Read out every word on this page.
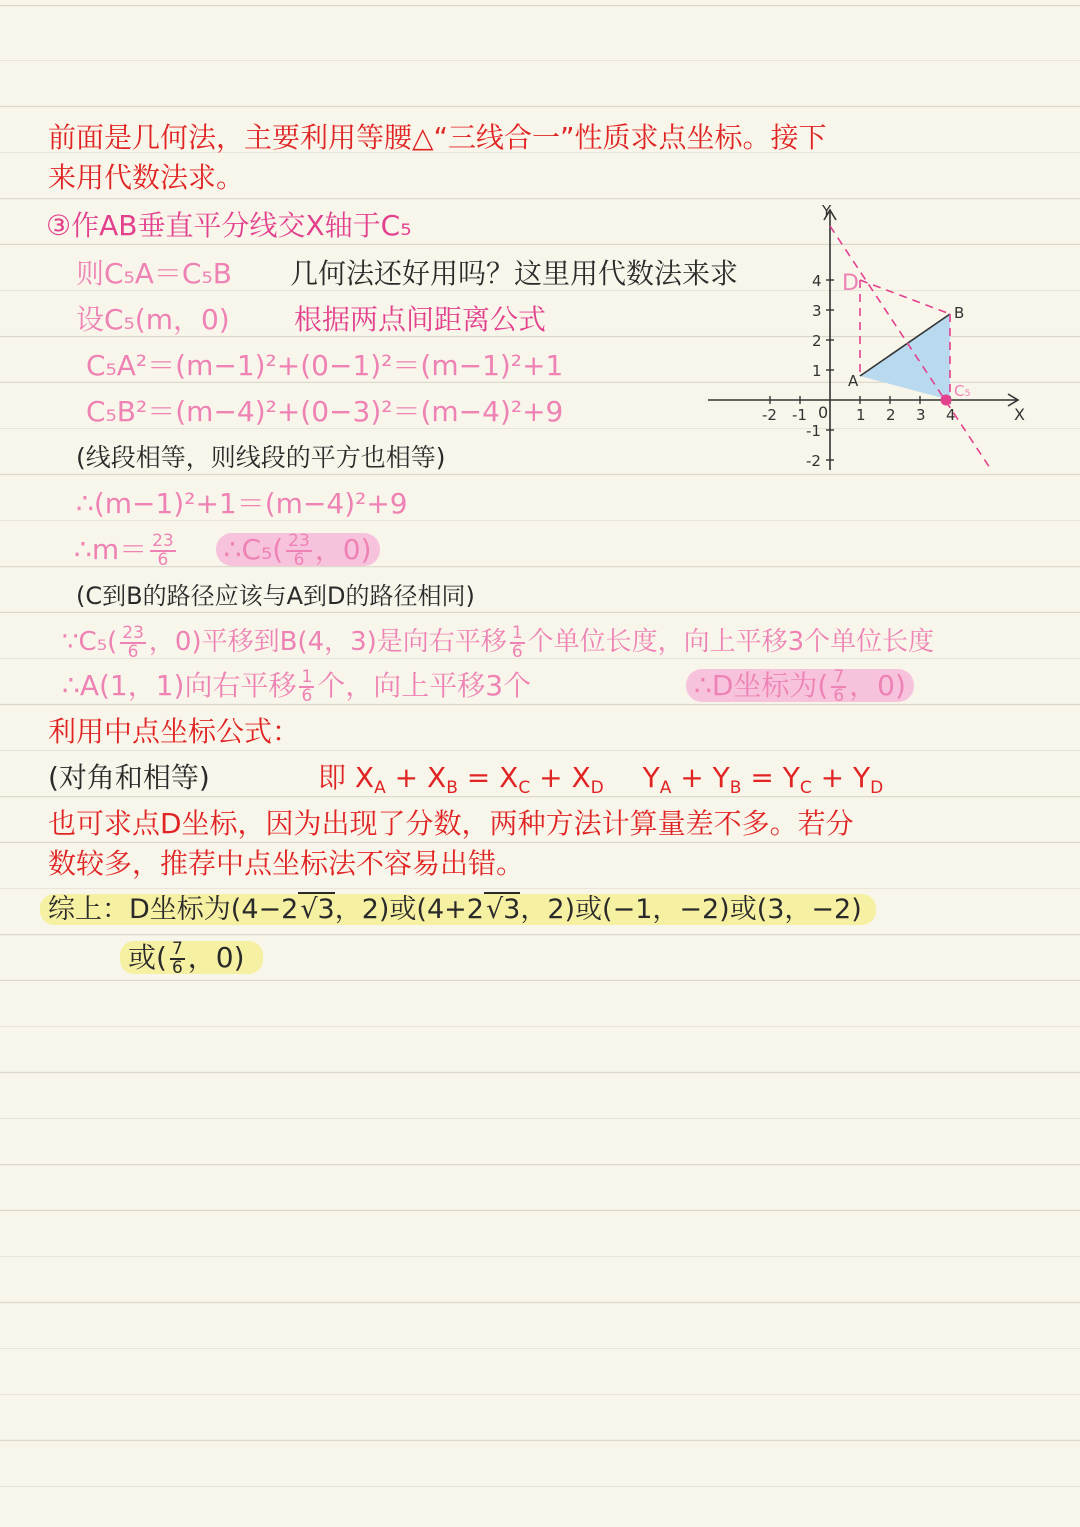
前面是几何法，主要利用等腰△“三线合一”性质求点坐标。接下
来用代数法求。
③作AB垂直平分线交X轴于C₅
则C₅A＝C₅B 几何法还好用吗？这里用代数法来求
设C₅(m，0) 根据两点间距离公式
C₅A²＝(m−1)²+(0−1)²＝(m−1)²+1
C₅B²＝(m−4)²+(0−3)²＝(m−4)²+9
(线段相等，则线段的平方也相等)
∴(m−1)²+1＝(m−4)²+9
∴m＝ $\frac{23}{6}$ ∴C₅( $\frac{23}{6}$ ，0)
(C到B的路径应该与A到D的路径相同)
∵C₅( $\frac{23}{6}$ ，0)平移到B(4，3)是向右平移 $\frac{1}{6}$ 个单位长度，向上平移3个单位长度
∴A(1，1)向右平移 $\frac{1}{6}$ 个，向上平移3个	∴D坐标为( $\frac{7}{6}$ ，0)
利用中点坐标公式：
(对角和相等)	即 $X_A + X_B = X_C + X_D$ $Y_A + Y_B = Y_C + Y_D$
也可求点D坐标，因为出现了分数，两种方法计算量差不多。若分
数较多，推荐中点坐标法不容易出错。
综上：D坐标为(4−2√3，2)或(4+2√3，2)或(−1，−2)或(3，−2)
或( $\frac{7}{6}$ ，0)
-2 -1	1 2 3 4
4
3
2
1
-1
-2
0	X
Y
A
B
D
C₅
